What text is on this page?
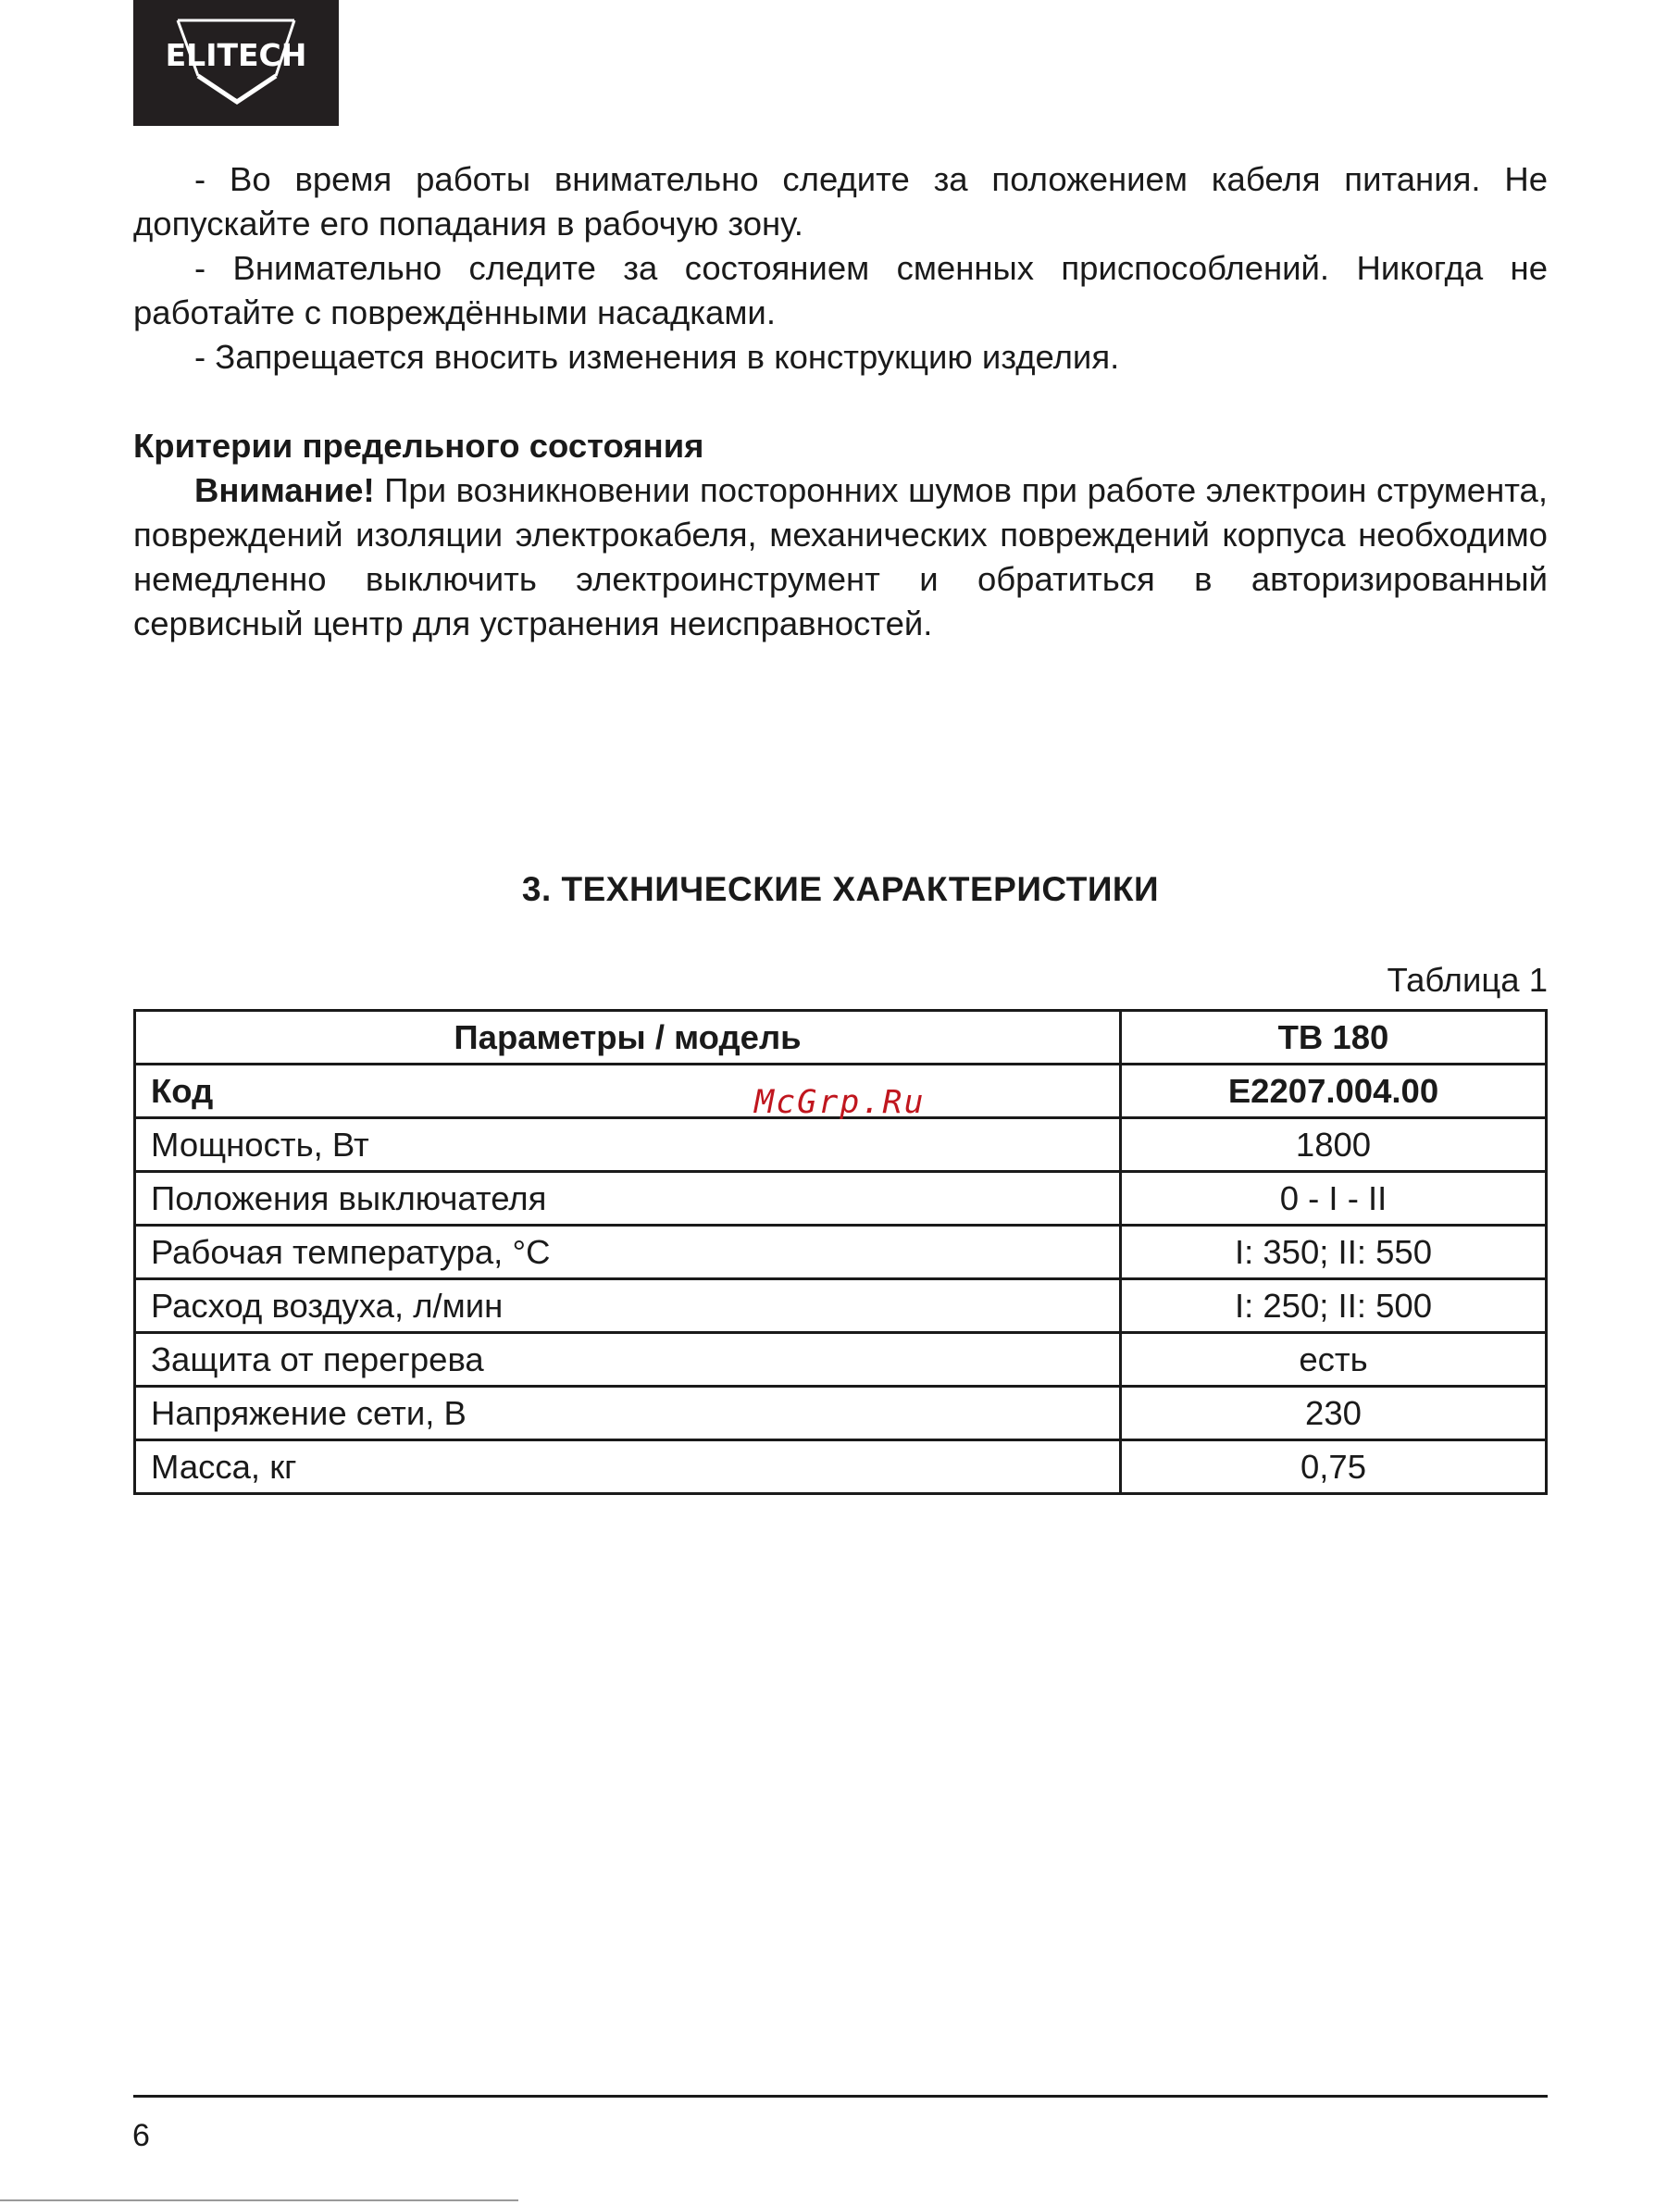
ELITECH

- Во время работы внимательно следите за положением кабеля питания. Не допускайте его попадания в рабочую зону.

- Внимательно следите за состоянием сменных приспособлений. Никогда не работайте с повреждёнными насадками.

- Запрещается вносить изменения в конструкцию изделия.

Критерии предельного состояния

Внимание! При возникновении посторонних шумов при работе электроин струмента, повреждений изоляции электрокабеля, механических повреждений корпуса необходимо немедленно выключить электроинструмент и обратиться в авторизированный сервисный центр для устранения неисправностей.

3. ТЕХНИЧЕСКИЕ ХАРАКТЕРИСТИКИ
Таблица 1
Параметры / модель	TB 180
Код	E2207.004.00
Мощность, Вт	1800
Положения выключателя	0 - I - II
Рабочая температура, °С	I: 350; II: 550
Расход воздуха, л/мин	I: 250; II: 500
Защита от перегрева	есть
Напряжение сети, В	230
Масса, кг	0,75
McGrp.Ru
6
